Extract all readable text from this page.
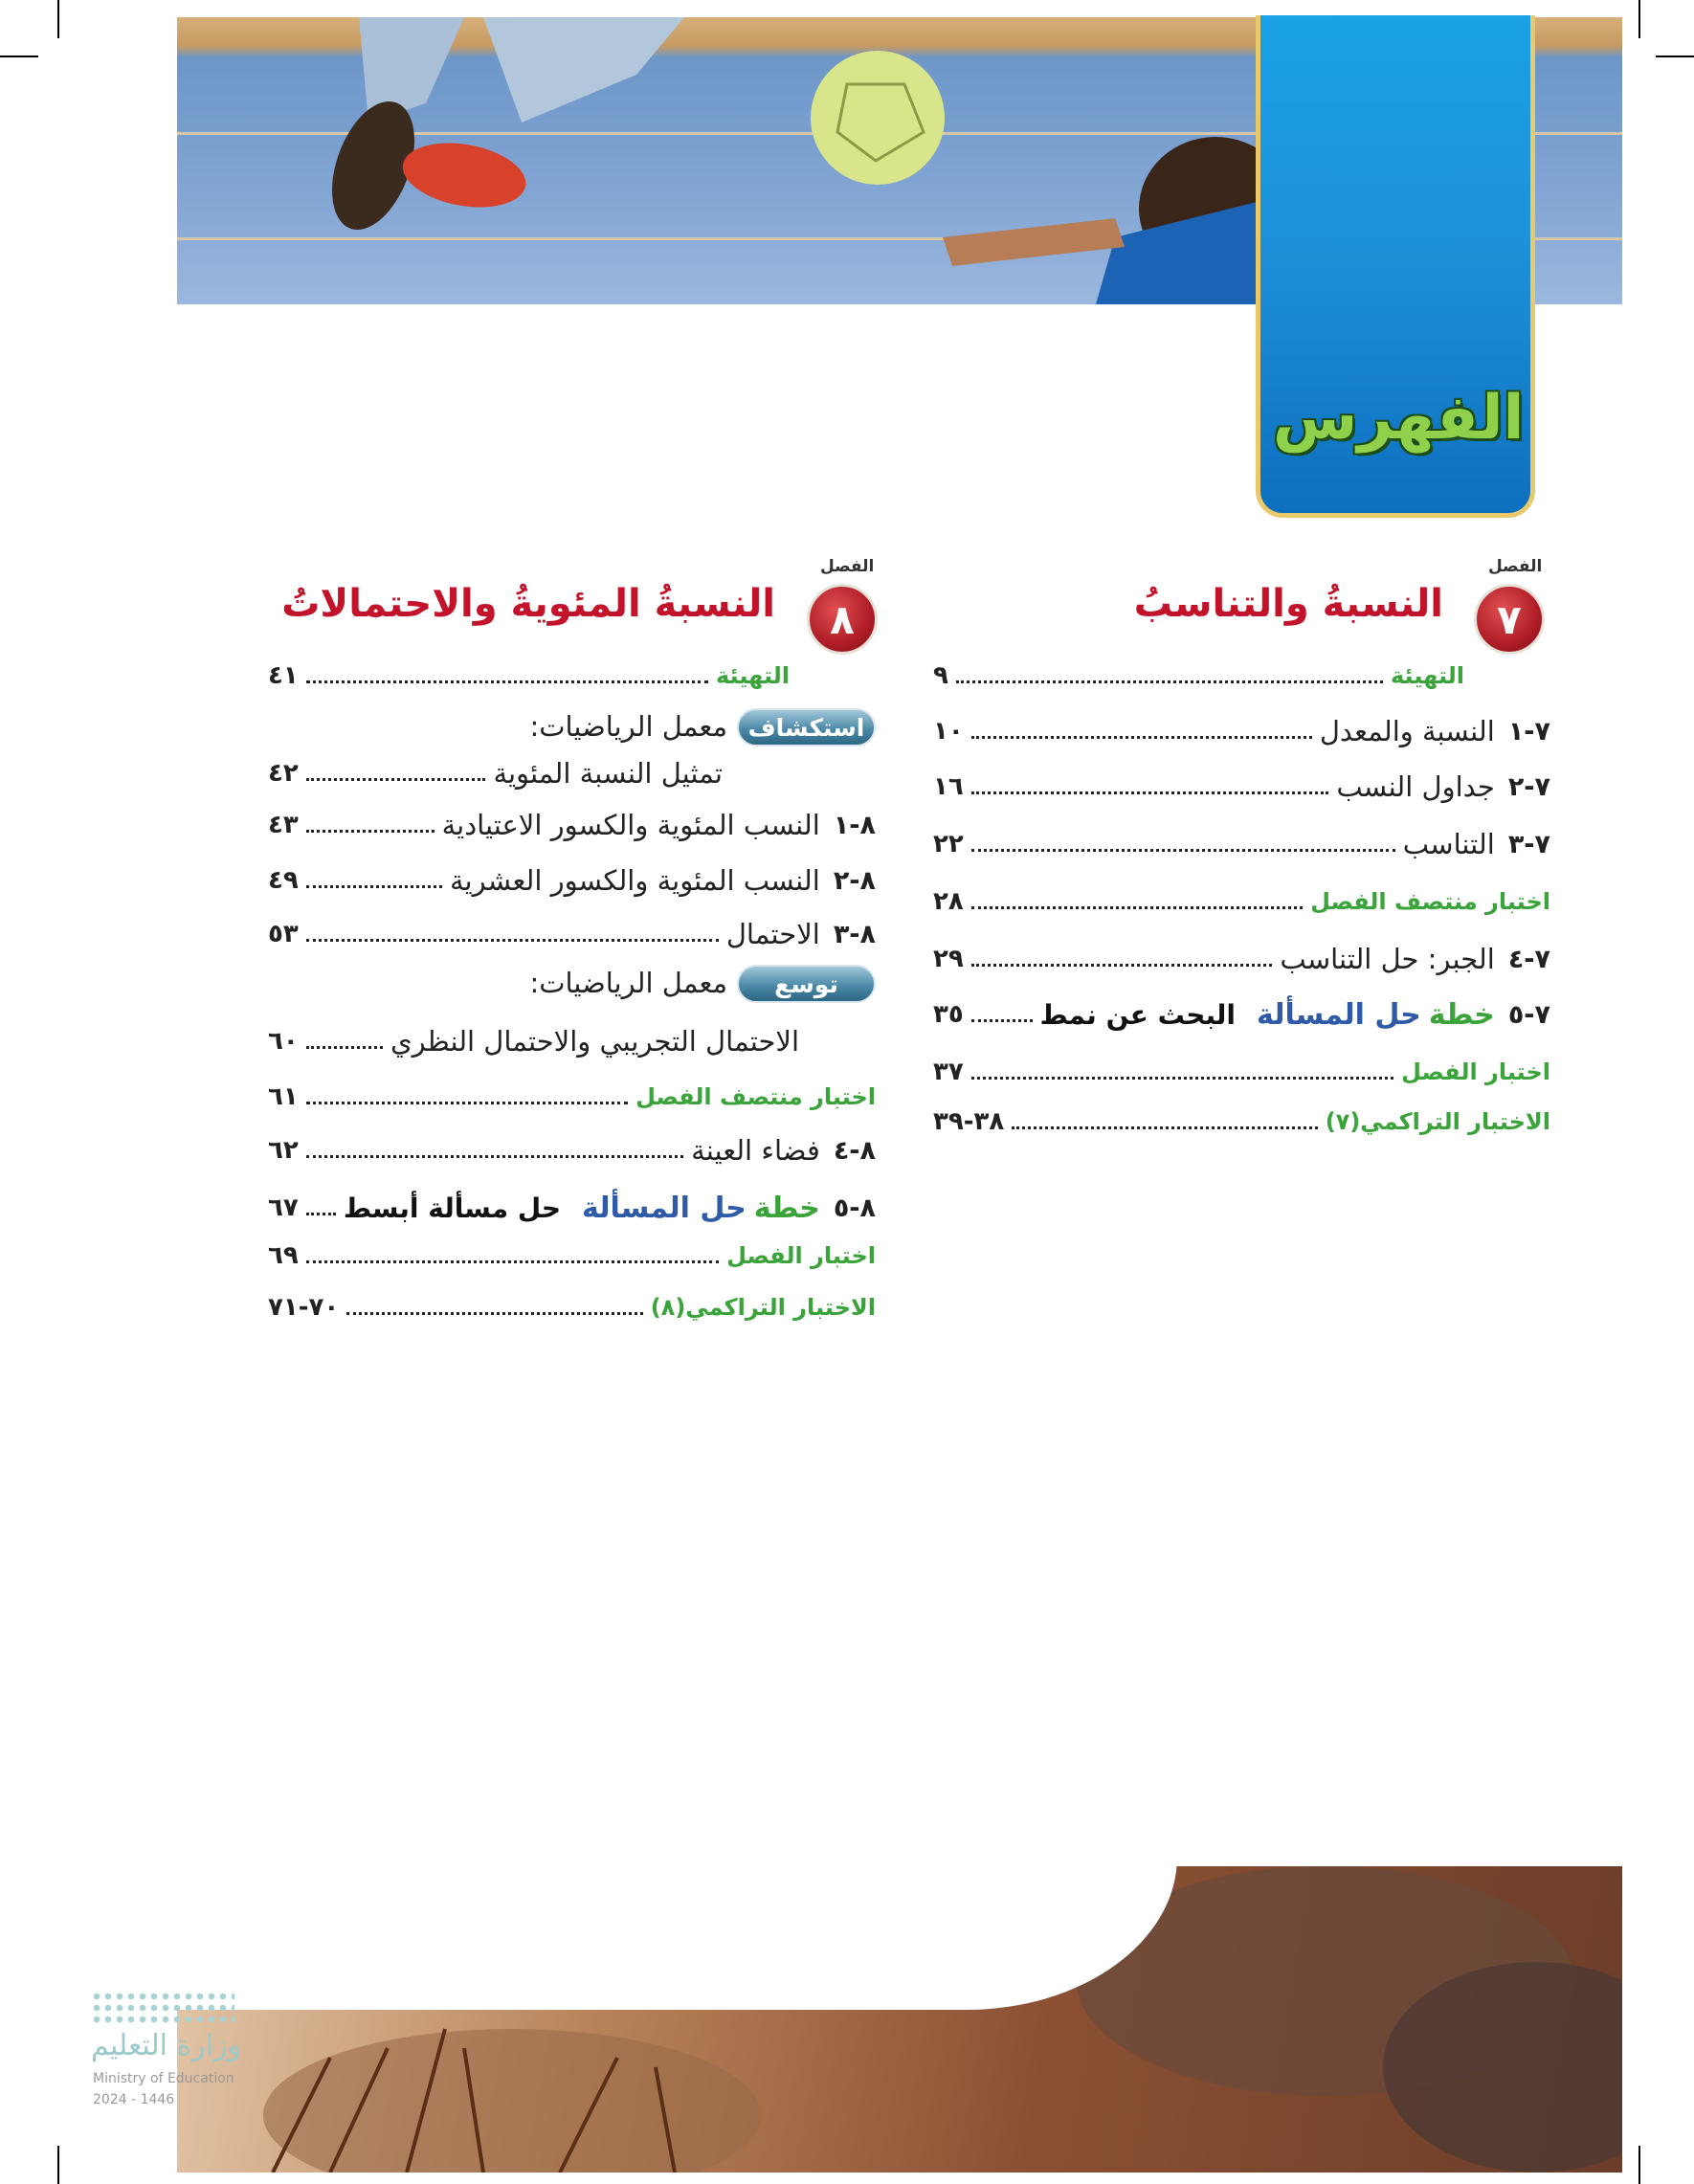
الفهرس
٧
الفصل
النسبةُ والتناسبُ
٨
الفصل
النسبةُ المئويةُ والاحتمالاتُ
التهيئة
٩
٧-١
النسبة والمعدل
١٠
٧-٢
جداول النسب
١٦
٧-٣
التناسب
٢٢
اختبار منتصف الفصل
٢٨
٧-٤
الجبر: حل التناسب
٢٩
٧-٥
خطة
حل المسألة
البحث عن نمط
٣٥
اختبار الفصل
٣٧
الاختبار التراكمي(٧)
٣٨-٣٩
التهيئة
٤١
استكشاف
معمل الرياضيات:
تمثيل النسبة المئوية
٤٢
٨-١
النسب المئوية والكسور الاعتيادية
٤٣
٨-٢
النسب المئوية والكسور العشرية
٤٩
٨-٣
الاحتمال
٥٣
توسع
معمل الرياضيات:
الاحتمال التجريبي والاحتمال النظري
٦٠
اختبار منتصف الفصل
٦١
٨-٤
فضاء العينة
٦٢
٨-٥
خطة
حل المسألة
حل مسألة أبسط
٦٧
اختبار الفصل
٦٩
الاختبار التراكمي(٨)
٧٠-٧١
وزارة التعليم
Ministry of Education
2024 - 1446
